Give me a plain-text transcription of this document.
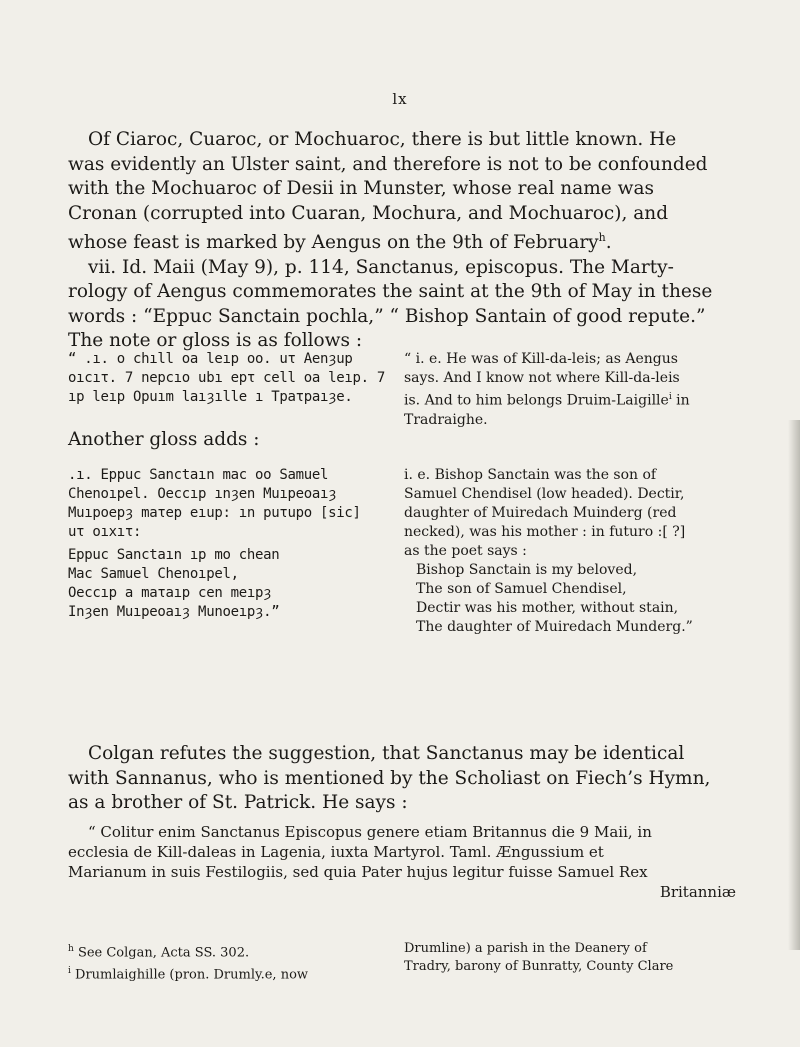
lx
Of Ciaroc, Cuaroc, or Mochuaroc, there is but little known. He
was evidently an Ulster saint, and therefore is not to be confounded
with the Mochuaroc of Desii in Munster, whose real name was
Cronan (corrupted into Cuaran, Mochura, and Mochuaroc), and
whose feast is marked by Aengus on the 9th of February$^h$.
vii. Id. Maii (May 9), p. 114, Sanctanus, episcopus. The Marty-
rology of Aengus commemorates the saint at the 9th of May in these
words : “Eppuc Sanctain pochla,” “ Bishop Santain of good repute.”
The note or gloss is as follows :
“ .ı. o chıll oa leıp oo. uτ Aenȝup
oıcıτ. 7 nepcıo ubı epτ cell oa leıp. 7
ıp leıp Opuım laıȝılle ı Τpaτpaıȝe.
“ i. e. He was of Kill-da-leis; as Aengus
says. And I know not where Kill-da-leis
is. And to him belongs Druim-Laigille$^i$ in
Tradraighe.
Another gloss adds :
.ı. Eppuc Sanctaın mac oo Samuel
Chenoıpel. Oeccıp ınȝen Muıpeoaıȝ
Muıpoepȝ maτep eıup: ın puτupo [sic]
uτ oıxıτ:
Eppuc Sanctaın ıp mo chean
Mac Samuel Chenoıpel,
Oeccıp a maτaıp cen meıpȝ
Inȝen Muıpeoaıȝ Munoeıpȝ.”
i. e. Bishop Sanctain was the son of
Samuel Chendisel (low headed). Dectir,
daughter of Muiredach Muinderg (red
necked), was his mother : in futuro :[ ?]
as the poet says :
Bishop Sanctain is my beloved,
The son of Samuel Chendisel,
Dectir was his mother, without stain,
The daughter of Muiredach Munderg.”
Colgan refutes the suggestion, that Sanctanus may be identical
with Sannanus, who is mentioned by the Scholiast on Fiech’s Hymn,
as a brother of St. Patrick. He says :
“ Colitur enim Sanctanus Episcopus genere etiam Britannus die 9 Maii, in
ecclesia de Kill-daleas in Lagenia, iuxta Martyrol. Taml. Ængussium et
Marianum in suis Festilogiis, sed quia Pater hujus legitur fuisse Samuel Rex
Britanniæ
$^h$ See Colgan, Acta SS. 302.
$^i$ Drumlaighille (pron. Drumly.e, now
Drumline) a parish in the Deanery of
Tradry, barony of Bunratty, County Clare
